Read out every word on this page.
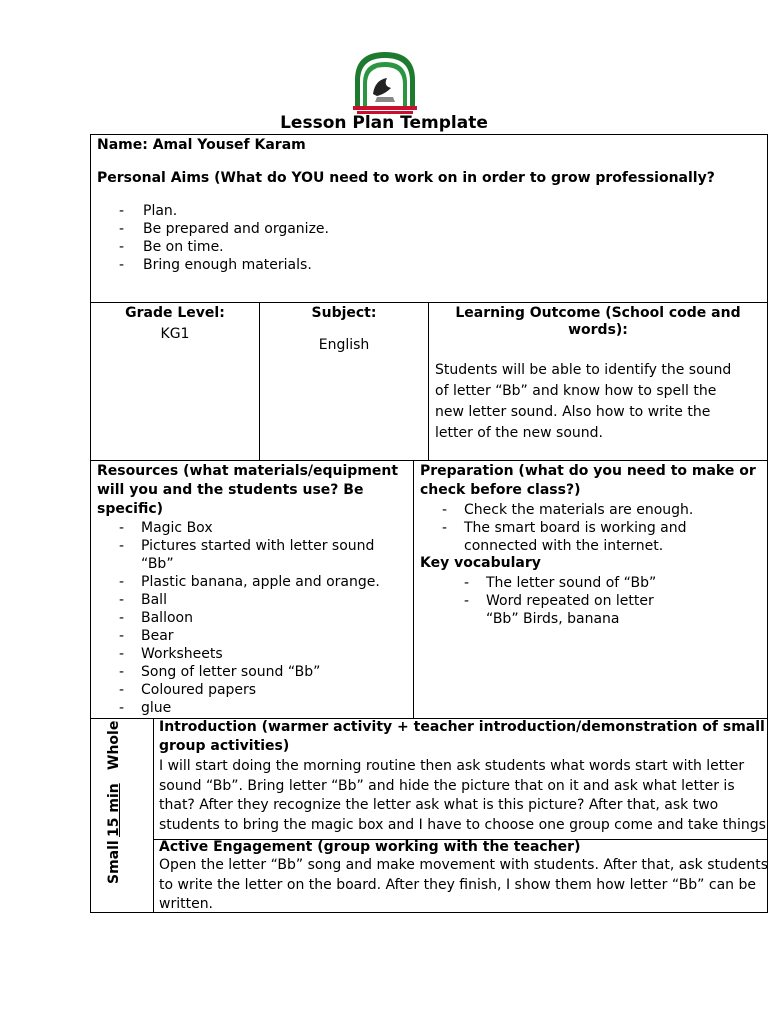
Lesson Plan Template
Name: Amal Yousef Karam
Personal Aims (What do YOU need to work on in order to grow professionally?
- Plan.
- Be prepared and organize.
- Be on time.
- Bring enough materials.
Grade Level:
KG1
Subject:
English
Learning Outcome (School code and
words):
Students will be able to identify the sound
of letter “Bb” and know how to spell the
new letter sound. Also how to write the
letter of the new sound.
Resources (what materials/equipment
will you and the students use? Be
specific)
- Magic Box
- Pictures started with letter sound “Bb”
- Plastic banana, apple and orange.
- Ball
- Balloon
- Bear
- Worksheets
- Song of letter sound “Bb”
- Coloured papers
- glue
Preparation (what do you need to make or
check before class?)
- Check the materials are enough.
- The smart board is working and connected with the internet.
Key vocabulary
- The letter sound of “Bb”
- Word repeated on letter “Bb” Birds, banana
Whole
15 min
Small
Introduction (warmer activity + teacher introduction/demonstration of small
group activities)
I will start doing the morning routine then ask students what words start with letter
sound “Bb”. Bring letter “Bb” and hide the picture that on it and ask what letter is
that? After they recognize the letter ask what is this picture? After that, ask two
students to bring the magic box and I have to choose one group come and take things
Active Engagement (group working with the teacher)
Open the letter “Bb” song and make movement with students. After that, ask students
to write the letter on the board. After they finish, I show them how letter “Bb” can be
written.
